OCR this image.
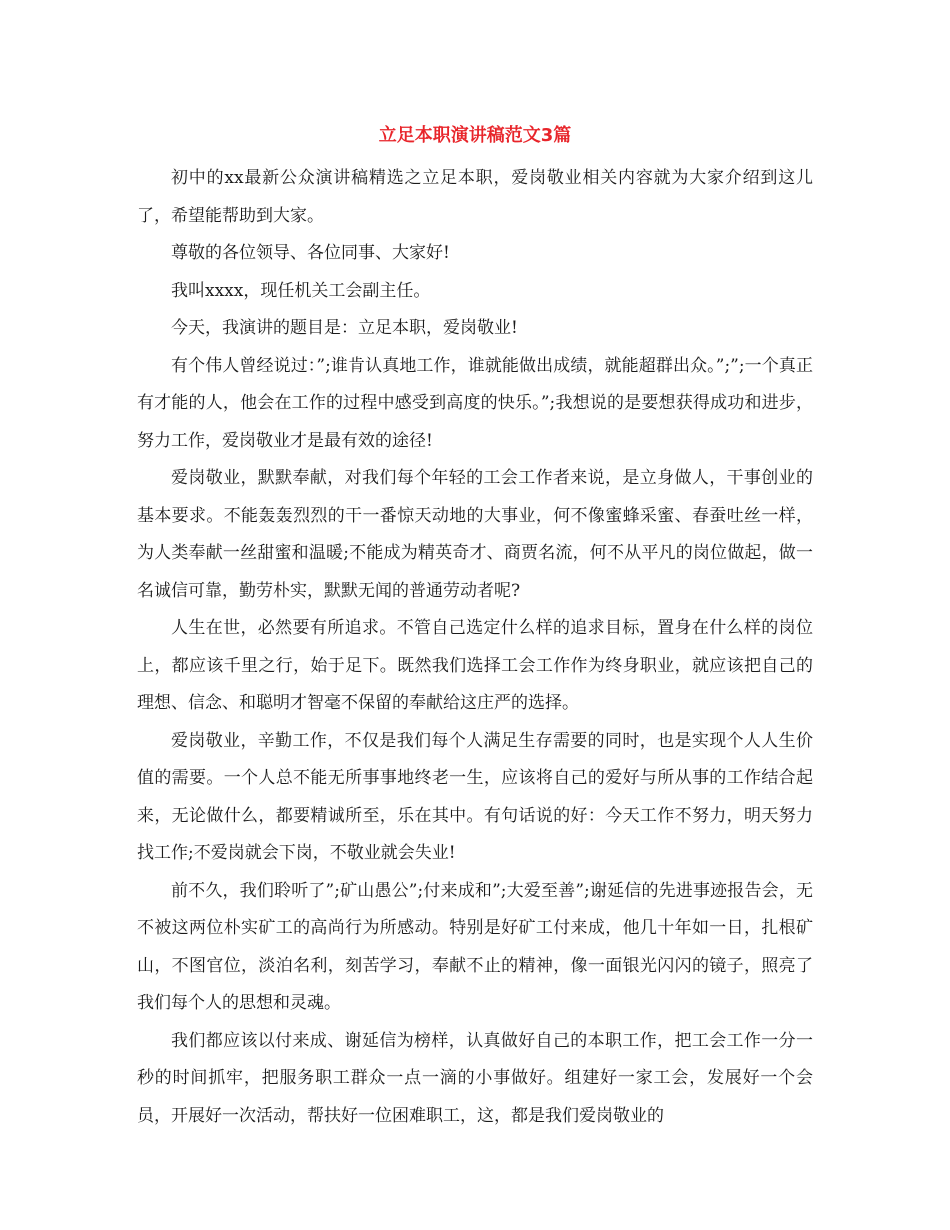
立足本职演讲稿范文3篇

初中的xx最新公众演讲稿精选之立足本职，爱岗敬业相关内容就为大家介绍到这儿了，希望能帮助到大家。

尊敬的各位领导、各位同事、大家好!

我叫xxxx，现任机关工会副主任。

今天，我演讲的题目是：立足本职，爱岗敬业!

有个伟人曾经说过：”;谁肯认真地工作，谁就能做出成绩，就能超群出众。”;”;一个真正有才能的人，他会在工作的过程中感受到高度的快乐。”;我想说的是要想获得成功和进步，努力工作，爱岗敬业才是最有效的途径!

爱岗敬业，默默奉献，对我们每个年轻的工会工作者来说，是立身做人，干事创业的基本要求。不能轰轰烈烈的干一番惊天动地的大事业，何不像蜜蜂采蜜、春蚕吐丝一样，为人类奉献一丝甜蜜和温暖;不能成为精英奇才、商贾名流，何不从平凡的岗位做起，做一名诚信可靠，勤劳朴实，默默无闻的普通劳动者呢?

人生在世，必然要有所追求。不管自己选定什么样的追求目标，置身在什么样的岗位上，都应该千里之行，始于足下。既然我们选择工会工作作为终身职业，就应该把自己的理想、信念、和聪明才智毫不保留的奉献给这庄严的选择。

爱岗敬业，辛勤工作，不仅是我们每个人满足生存需要的同时，也是实现个人人生价值的需要。一个人总不能无所事事地终老一生，应该将自己的爱好与所从事的工作结合起来，无论做什么，都要精诚所至，乐在其中。有句话说的好：今天工作不努力，明天努力找工作;不爱岗就会下岗，不敬业就会失业!

前不久，我们聆听了”;矿山愚公”;付来成和”;大爱至善”;谢延信的先进事迹报告会，无不被这两位朴实矿工的高尚行为所感动。特别是好矿工付来成，他几十年如一日，扎根矿山，不图官位，淡泊名利，刻苦学习，奉献不止的精神，像一面银光闪闪的镜子，照亮了我们每个人的思想和灵魂。

我们都应该以付来成、谢延信为榜样，认真做好自己的本职工作，把工会工作一分一秒的时间抓牢，把服务职工群众一点一滴的小事做好。组建好一家工会，发展好一个会员，开展好一次活动，帮扶好一位困难职工，这，都是我们爱岗敬业的
